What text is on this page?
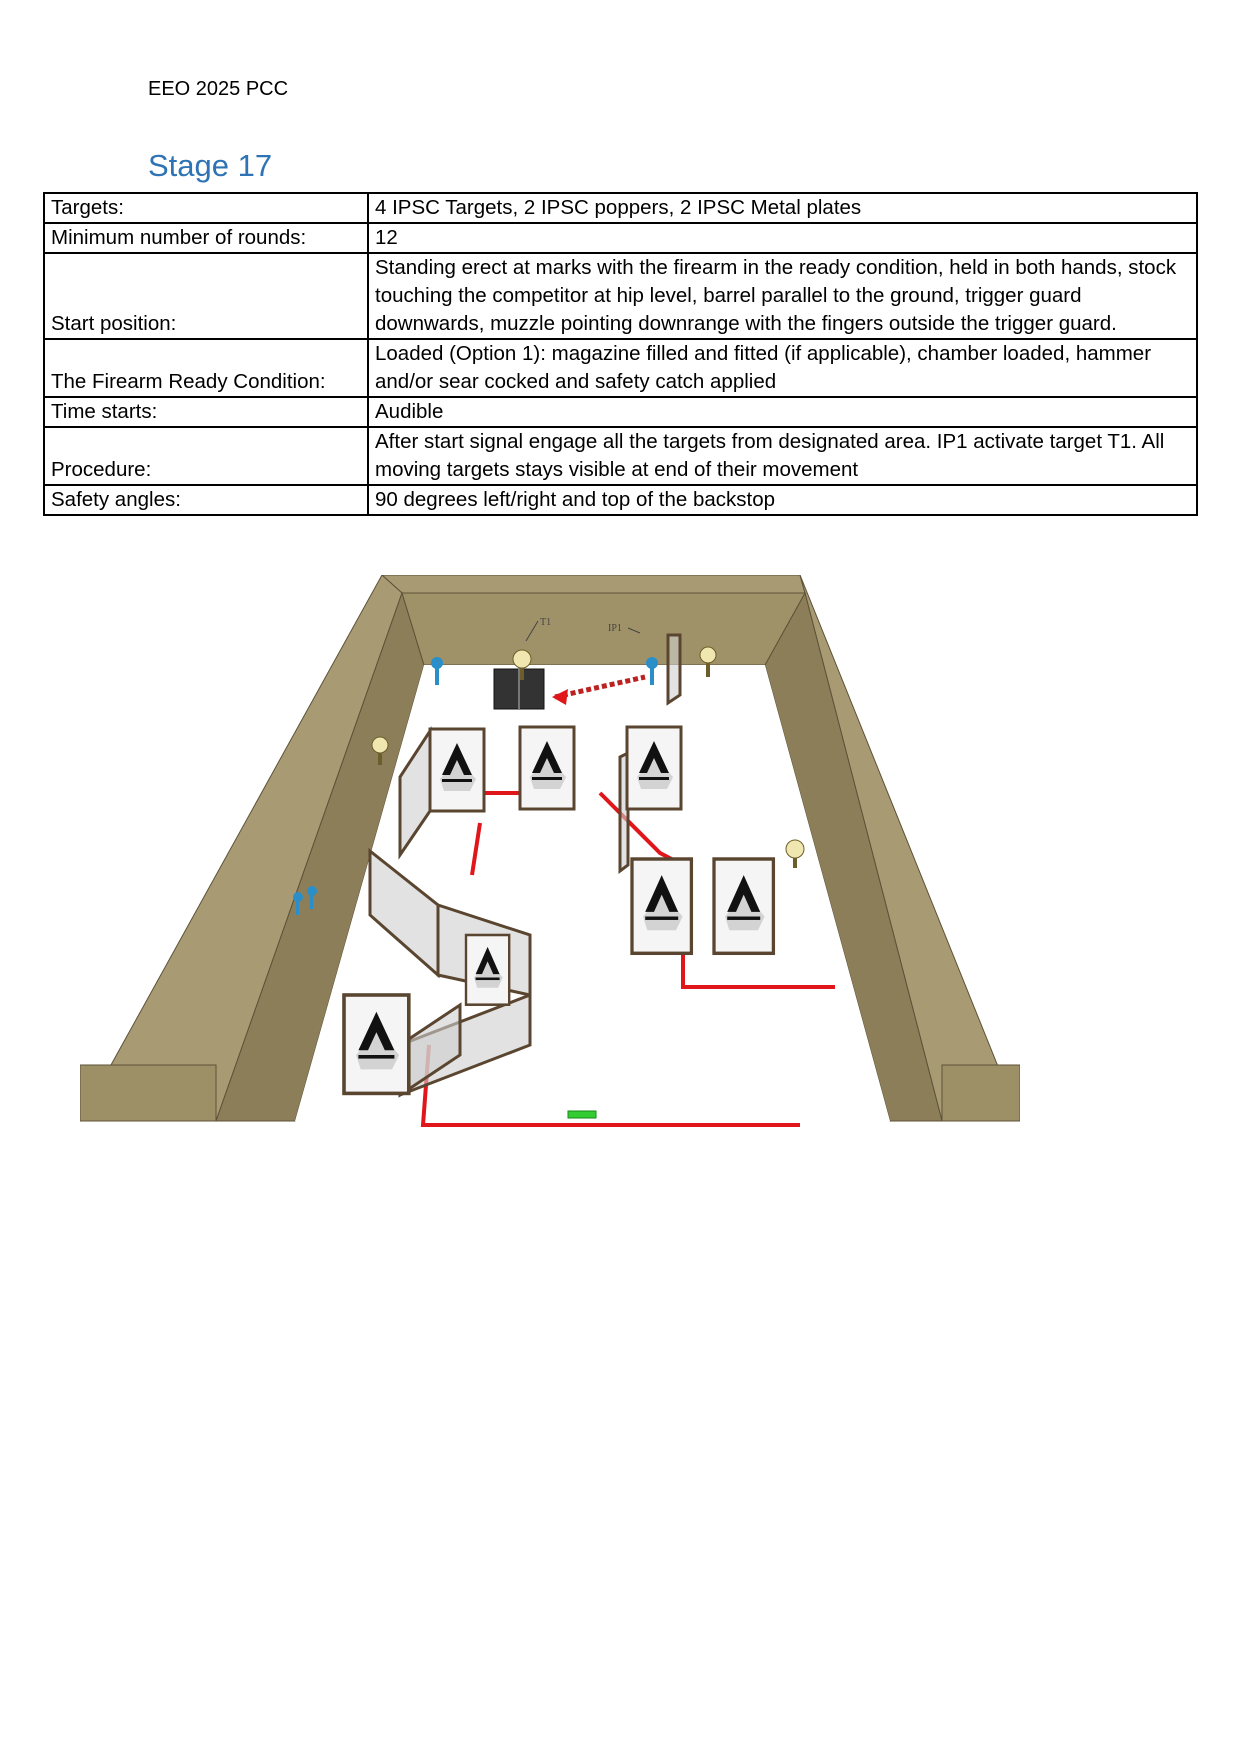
EEO 2025 PCC
Stage 17
Targets:	4 IPSC Targets, 2 IPSC poppers, 2 IPSC Metal plates
Minimum number of rounds:	12
Start position:	Standing erect at marks with the firearm in the ready condition, held in both hands, stock touching the competitor at hip level, barrel parallel to the ground, trigger guard downwards, muzzle pointing downrange with the fingers outside the trigger guard.
The Firearm Ready Condition:	Loaded (Option 1): magazine filled and fitted (if applicable), chamber loaded, hammer and/or sear cocked and safety catch applied
Time starts:	Audible
Procedure:	After start signal engage all the targets from designated area. IP1 activate target T1. All moving targets stays visible at end of their movement
Safety angles:	90 degrees left/right and top of the backstop
T1
IP1
